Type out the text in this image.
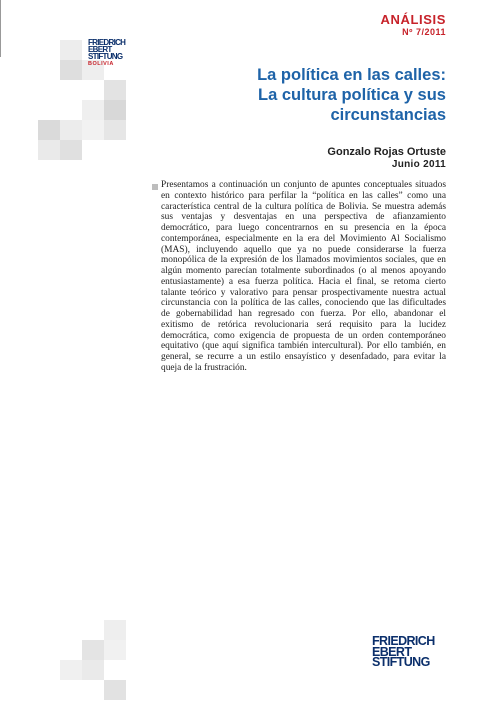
ANÁLISIS
Nº 7/2011
FRIEDRICH
EBERT
STIFTUNG
BOLIVIA
La política en las calles:
La cultura política y sus
circunstancias
Gonzalo Rojas Ortuste
Junio 2011
Presentamos a continuación un conjunto de apuntes conceptuales situados en contexto histórico para perfilar la “política en las calles” como una característica central de la cultura política de Bolivia. Se muestra además sus ventajas y desventajas en una perspectiva de afianzamiento democrático, para luego concentrarnos en su presencia en la época contemporánea, especialmente en la era del Movimiento Al Socialismo (MAS), incluyendo aquello que ya no puede considerarse la fuerza monopólica de la expresión de los llamados movimientos sociales, que en algún momento parecían totalmente subordinados (o al menos apoyando entusiastamente) a esa fuerza política. Hacia el final, se retoma cierto talante teórico y valorativo para pensar prospectivamente nuestra actual circunstancia con la política de las calles, conociendo que las dificultades de gobernabilidad han regresado con fuerza. Por ello, abandonar el exitismo de retórica revolucionaria será requisito para la lucidez democrática, como exigencia de propuesta de un orden contemporáneo equitativo (que aquí significa también intercultural). Por ello también, en general, se recurre a un estilo ensayístico y desenfadado, para evitar la queja de la frustración.
FRIEDRICH
EBERT
STIFTUNG
